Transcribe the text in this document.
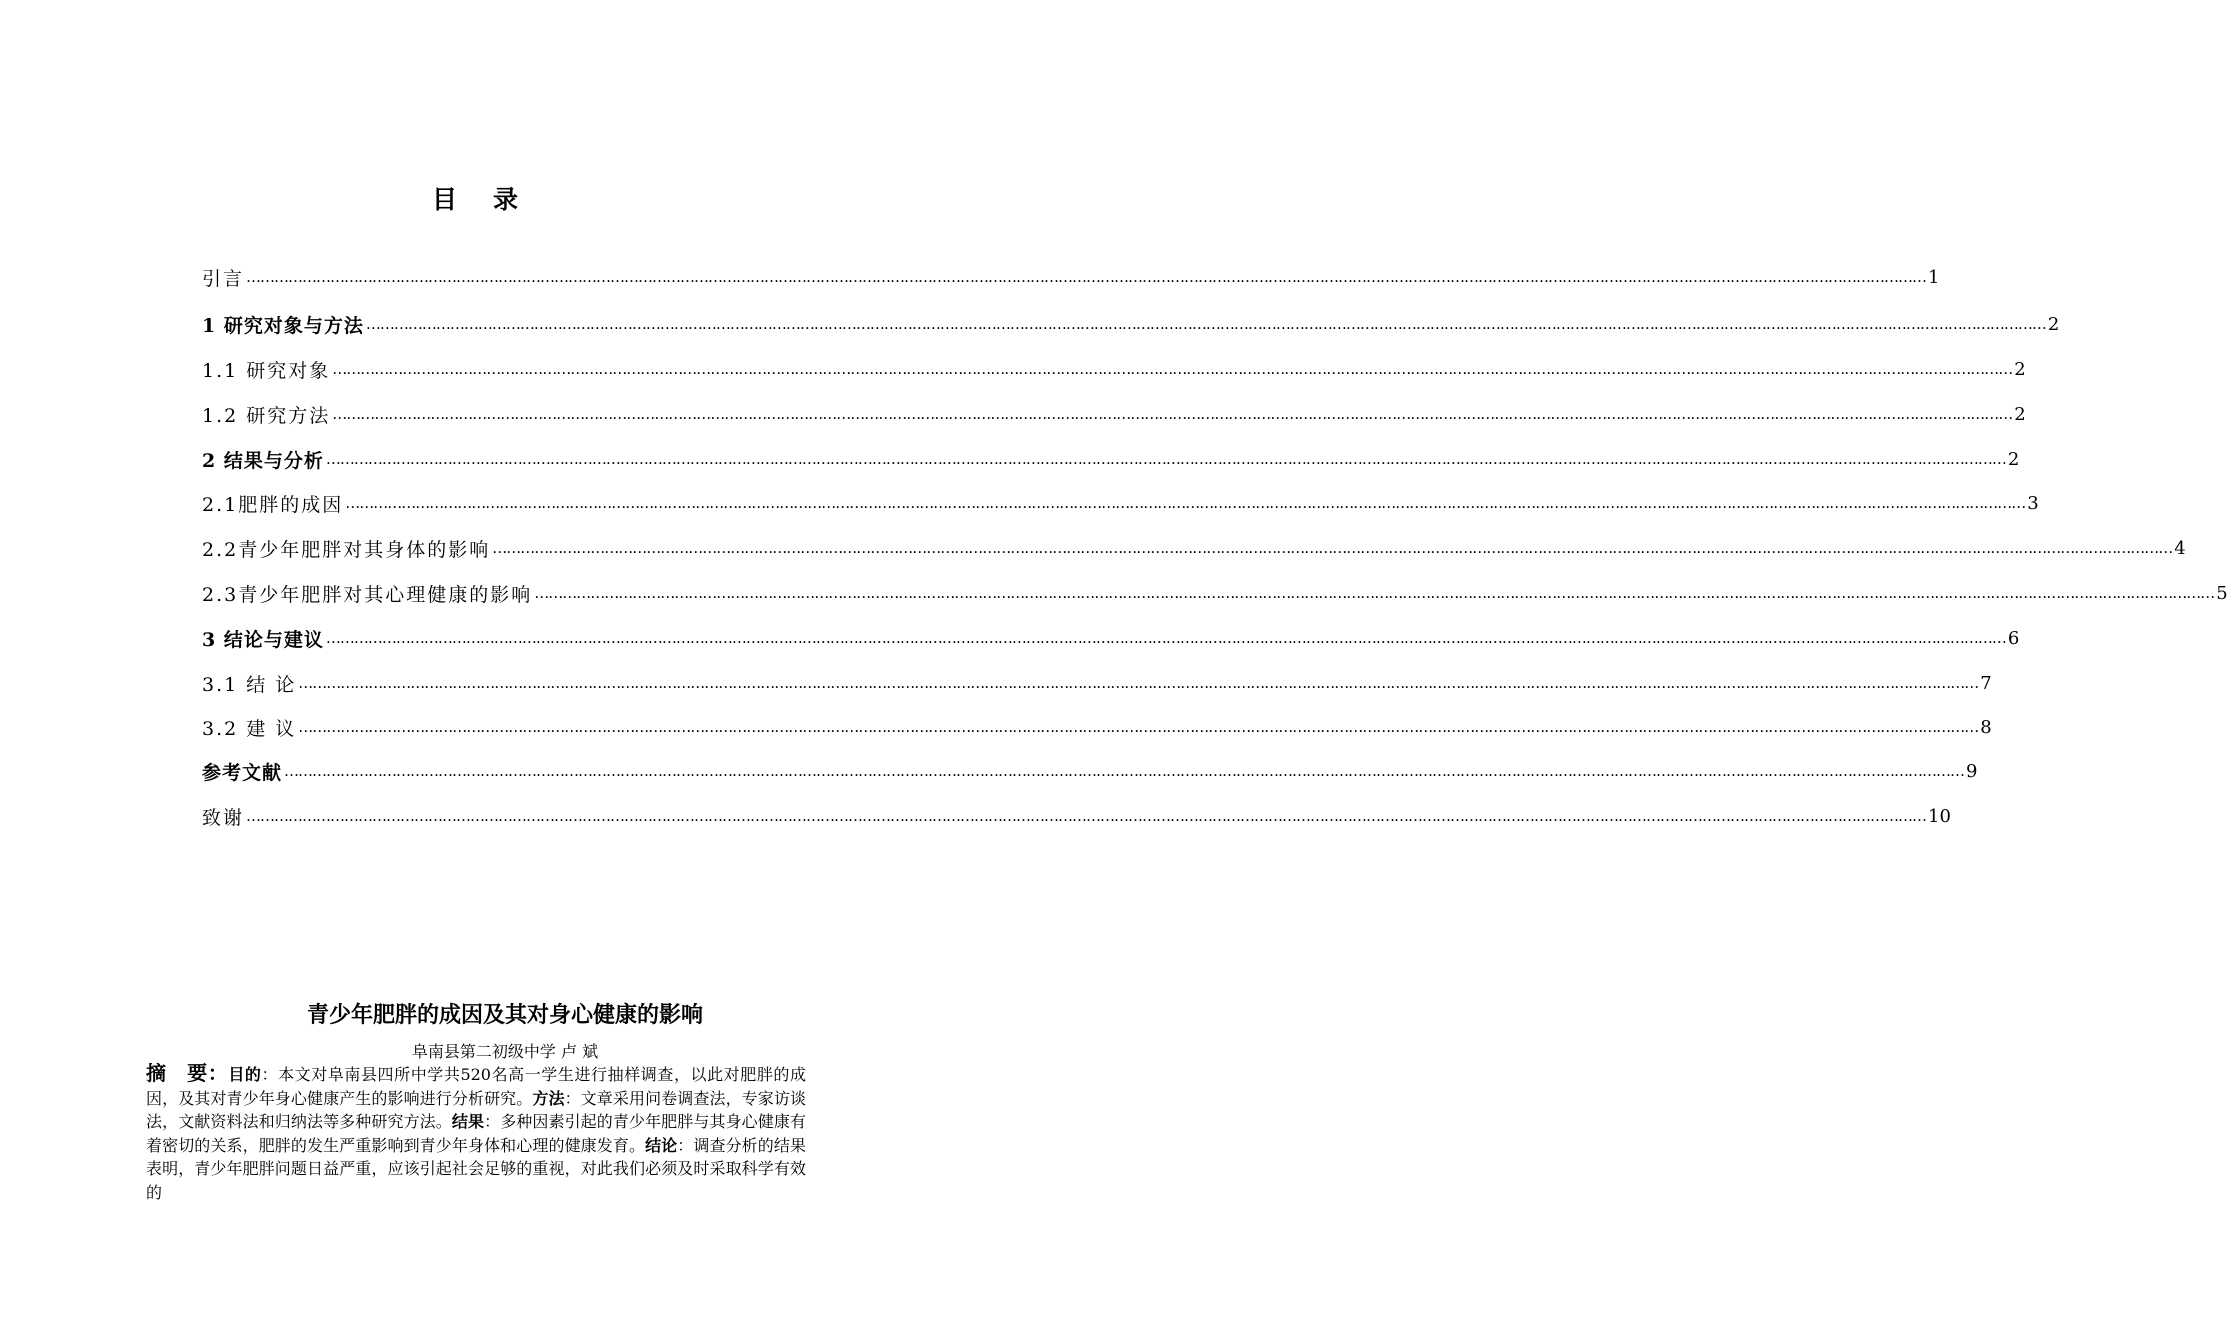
目录
引言 ……………………………………………………………………………………………………………………………………………………………………………………………………………………………………………………………………………………………………………………………… 1
1 研究对象与方法 ……………………………………………………………………………………………………………………………………………………………………………………………………………………………………………………………………………………………………………………………… 2
1.1 研究对象 ……………………………………………………………………………………………………………………………………………………………………………………………………………………………………………………………………………………………………………………………… 2
1.2 研究方法 ……………………………………………………………………………………………………………………………………………………………………………………………………………………………………………………………………………………………………………………………… 2
2 结果与分析 ……………………………………………………………………………………………………………………………………………………………………………………………………………………………………………………………………………………………………………………………… 2
2.1肥胖的成因 ……………………………………………………………………………………………………………………………………………………………………………………………………………………………………………………………………………………………………………………………… 3
2.2青少年肥胖对其身体的影响 ……………………………………………………………………………………………………………………………………………………………………………………………………………………………………………………………………………………………………………………………… 4
2.3青少年肥胖对其心理健康的影响 ……………………………………………………………………………………………………………………………………………………………………………………………………………………………………………………………………………………………………………………………… 5
3 结论与建议 ……………………………………………………………………………………………………………………………………………………………………………………………………………………………………………………………………………………………………………………………… 6
3.1 结 论 ……………………………………………………………………………………………………………………………………………………………………………………………………………………………………………………………………………………………………………………………… 7
3.2 建 议 ……………………………………………………………………………………………………………………………………………………………………………………………………………………………………………………………………………………………………………………………… 8
参考文献 ……………………………………………………………………………………………………………………………………………………………………………………………………………………………………………………………………………………………………………………………… 9
致谢 ……………………………………………………………………………………………………………………………………………………………………………………………………………………………………………………………………………………………………………………………… 10
青少年肥胖的成因及其对身心健康的影响
阜南县第二初级中学 卢 斌
摘　要：目的：本文对阜南县四所中学共520名高一学生进行抽样调查，以此对肥胖的成因，及其对青少年身心健康产生的影响进行分析研究。方法：文章采用问卷调查法，专家访谈法，文献资料法和归纳法等多种研究方法。结果：多种因素引起的青少年肥胖与其身心健康有着密切的关系，肥胖的发生严重影响到青少年身体和心理的健康发育。结论：调查分析的结果表明，青少年肥胖问题日益严重，应该引起社会足够的重视，对此我们必须及时采取科学有效的
